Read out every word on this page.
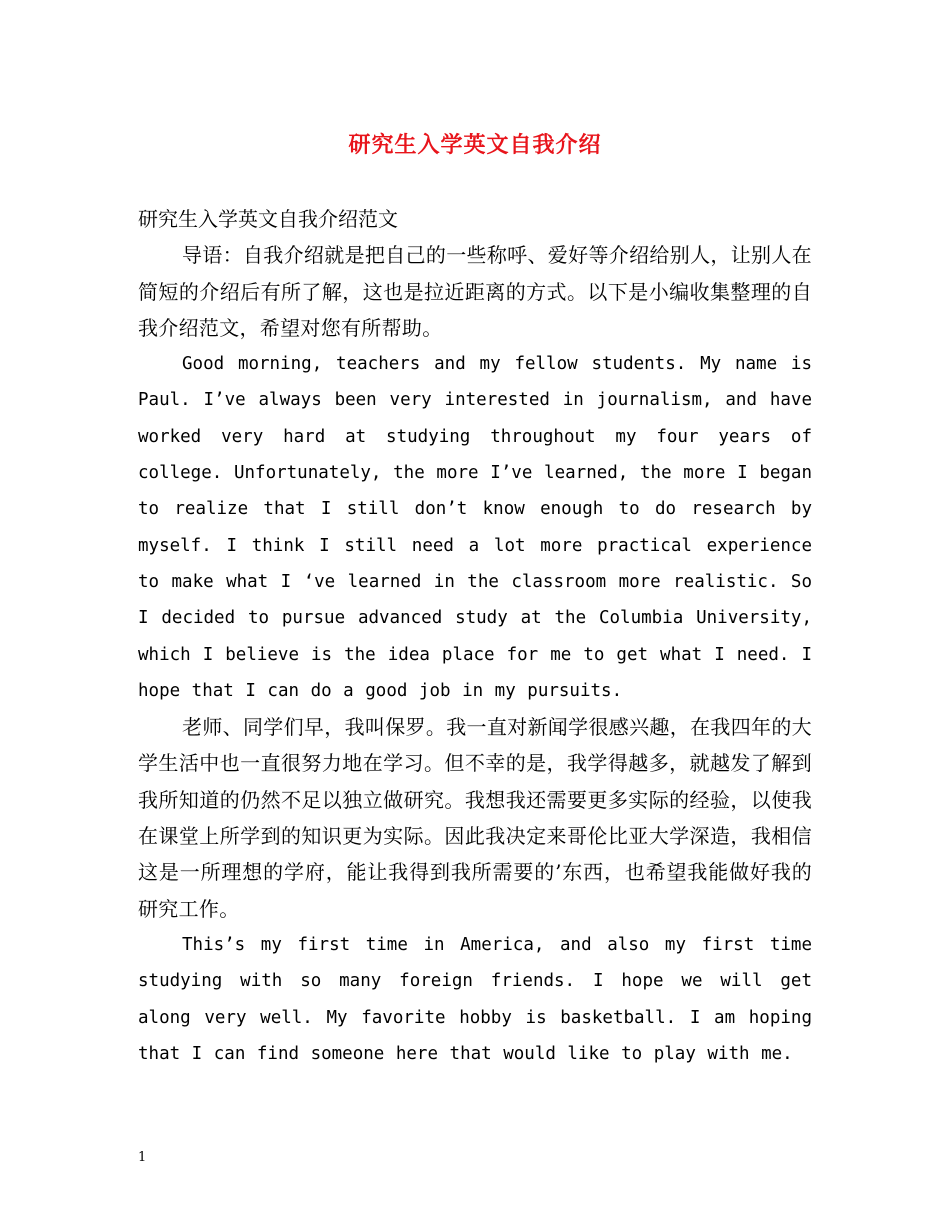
研究生入学英文自我介绍

研究生入学英文自我介绍范文

导语：自我介绍就是把自己的一些称呼、爱好等介绍给别人，让别人在简短的介绍后有所了解，这也是拉近距离的方式。以下是小编收集整理的自我介绍范文，希望对您有所帮助。

Good morning, teachers and my fellow students. My name is Paul. I’ve always been very interested in journalism, and have worked very hard at studying throughout my four years of college. Unfortunately, the more I’ve learned, the more I began to realize that I still don’t know enough to do research by myself. I think I still need a lot more practical experience to make what I ‘ve learned in the classroom more realistic. So I decided to pursue advanced study at the Columbia University, which I believe is the idea place for me to get what I need. I hope that I can do a good job in my pursuits.

老师、同学们早，我叫保罗。我一直对新闻学很感兴趣，在我四年的大学生活中也一直很努力地在学习。但不幸的是，我学得越多，就越发了解到我所知道的仍然不足以独立做研究。我想我还需要更多实际的经验，以使我在课堂上所学到的知识更为实际。因此我决定来哥伦比亚大学深造，我相信这是一所理想的学府，能让我得到我所需要的’东西，也希望我能做好我的研究工作。

This’s my first time in America, and also my first time studying with so many foreign friends. I hope we will get along very well. My favorite hobby is basketball. I am hoping that I can find someone here that would like to play with me.

1
